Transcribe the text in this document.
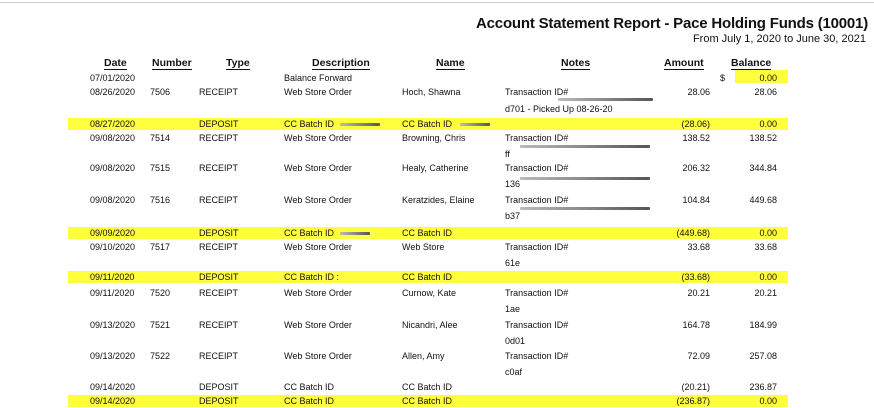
Account Statement Report - Pace Holding Funds (10001)
From July 1, 2020 to June 30, 2021
Date Number	Type	Description	Name	Notes	Amount	Balance
07/01/2020	Balance Forward	$	0.00
08/26/2020 7506	RECEIPT	Web Store Order	Hoch, Shawna	Transaction ID#	28.06	28.06
d701 - Picked Up 08-26-20
08/27/2020	DEPOSIT	CC Batch ID	CC Batch ID	(28.06)	0.00
09/08/2020 7514	RECEIPT	Web Store Order	Browning, Chris	Transaction ID#	138.52	138.52
ff
09/08/2020 7515	RECEIPT	Web Store Order	Healy, Catherine	Transaction ID#	206.32	344.84
136
09/08/2020 7516	RECEIPT	Web Store Order	Keratzides, Elaine	Transaction ID#	104.84	449.68
b37
09/09/2020	DEPOSIT	CC Batch ID	CC Batch ID	(449.68)	0.00
09/10/2020 7517	RECEIPT	Web Store Order	Web Store	Transaction ID#	33.68	33.68
61e
09/11/2020	DEPOSIT	CC Batch ID :	CC Batch ID	(33.68)	0.00
09/11/2020 7520	RECEIPT	Web Store Order	Curnow, Kate	Transaction ID#	20.21	20.21
1ae
09/13/2020 7521	RECEIPT	Web Store Order	Nicandri, Alee	Transaction ID#	164.78	184.99
0d01
09/13/2020 7522	RECEIPT	Web Store Order	Allen, Amy	Transaction ID#	72.09	257.08
c0af
09/14/2020	DEPOSIT	CC Batch ID	CC Batch ID	(20.21)	236.87
09/14/2020	DEPOSIT	CC Batch ID	CC Batch ID	(236.87)	0.00
